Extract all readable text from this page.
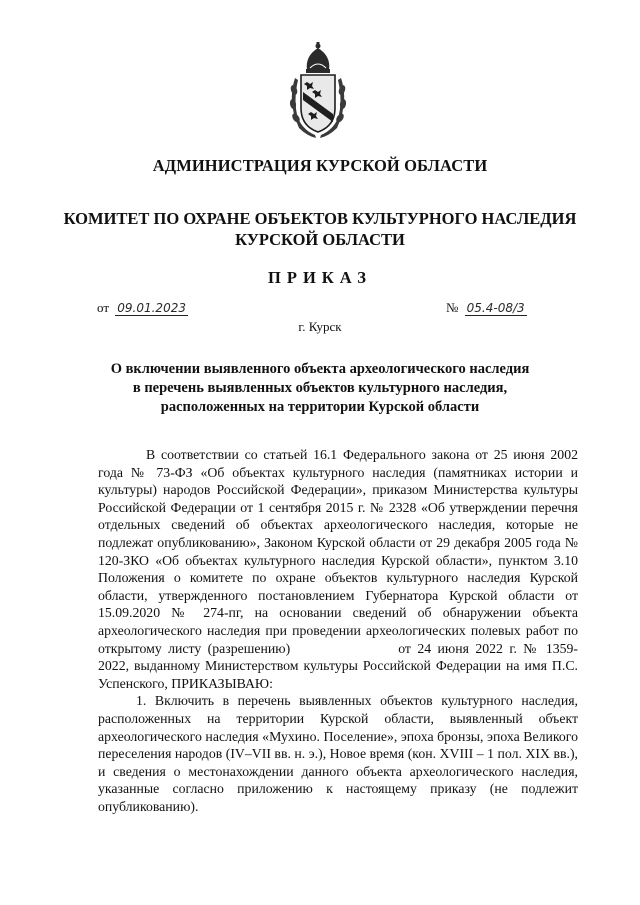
АДМИНИСТРАЦИЯ КУРСКОЙ ОБЛАСТИ
КОМИТЕТ ПО ОХРАНЕ ОБЪЕКТОВ КУЛЬТУРНОГО НАСЛЕДИЯ
КУРСКОЙ ОБЛАСТИ
ПРИКАЗ
от 09.01.2023	№ 05.4-08/3
г. Курск
О включении выявленного объекта археологического наследия
в перечень выявленных объектов культурного наследия,
расположенных на территории Курской области

В соответствии со статьей 16.1 Федерального закона от 25 июня 2002 года № 73-ФЗ «Об объектах культурного наследия (памятниках истории и культуры) народов Российской Федерации», приказом Министерства культуры Российской Федерации от 1 сентября 2015 г. № 2328 «Об утверждении перечня отдельных сведений об объектах археологического наследия, которые не подлежат опубликованию», Законом Курской области от 29 декабря 2005 года № 120-ЗКО «Об объектах культурного наследия Курской области», пунктом 3.10 Положения о комитете по охране объектов культурного наследия Курской области, утвержденного постановлением Губернатора Курской области от 15.09.2020 № 274-пг, на основании сведений об обнаружении объекта археологического наследия при проведении археологических полевых работ по открытому листу (разрешению)	от 24 июня 2022 г. № 1359-2022, выданному Министерством культуры Российской Федерации на имя П.С. Успенского, ПРИКАЗЫВАЮ:

1. Включить в перечень выявленных объектов культурного наследия, расположенных на территории Курской области, выявленный объект археологического наследия «Мухино. Поселение», эпоха бронзы, эпоха Великого переселения народов (IV–VII вв. н. э.), Новое время (кон. XVIII – 1 пол. XIX вв.), и сведения о местонахождении данного объекта археологического наследия, указанные согласно приложению к настоящему приказу (не подлежит опубликованию).
